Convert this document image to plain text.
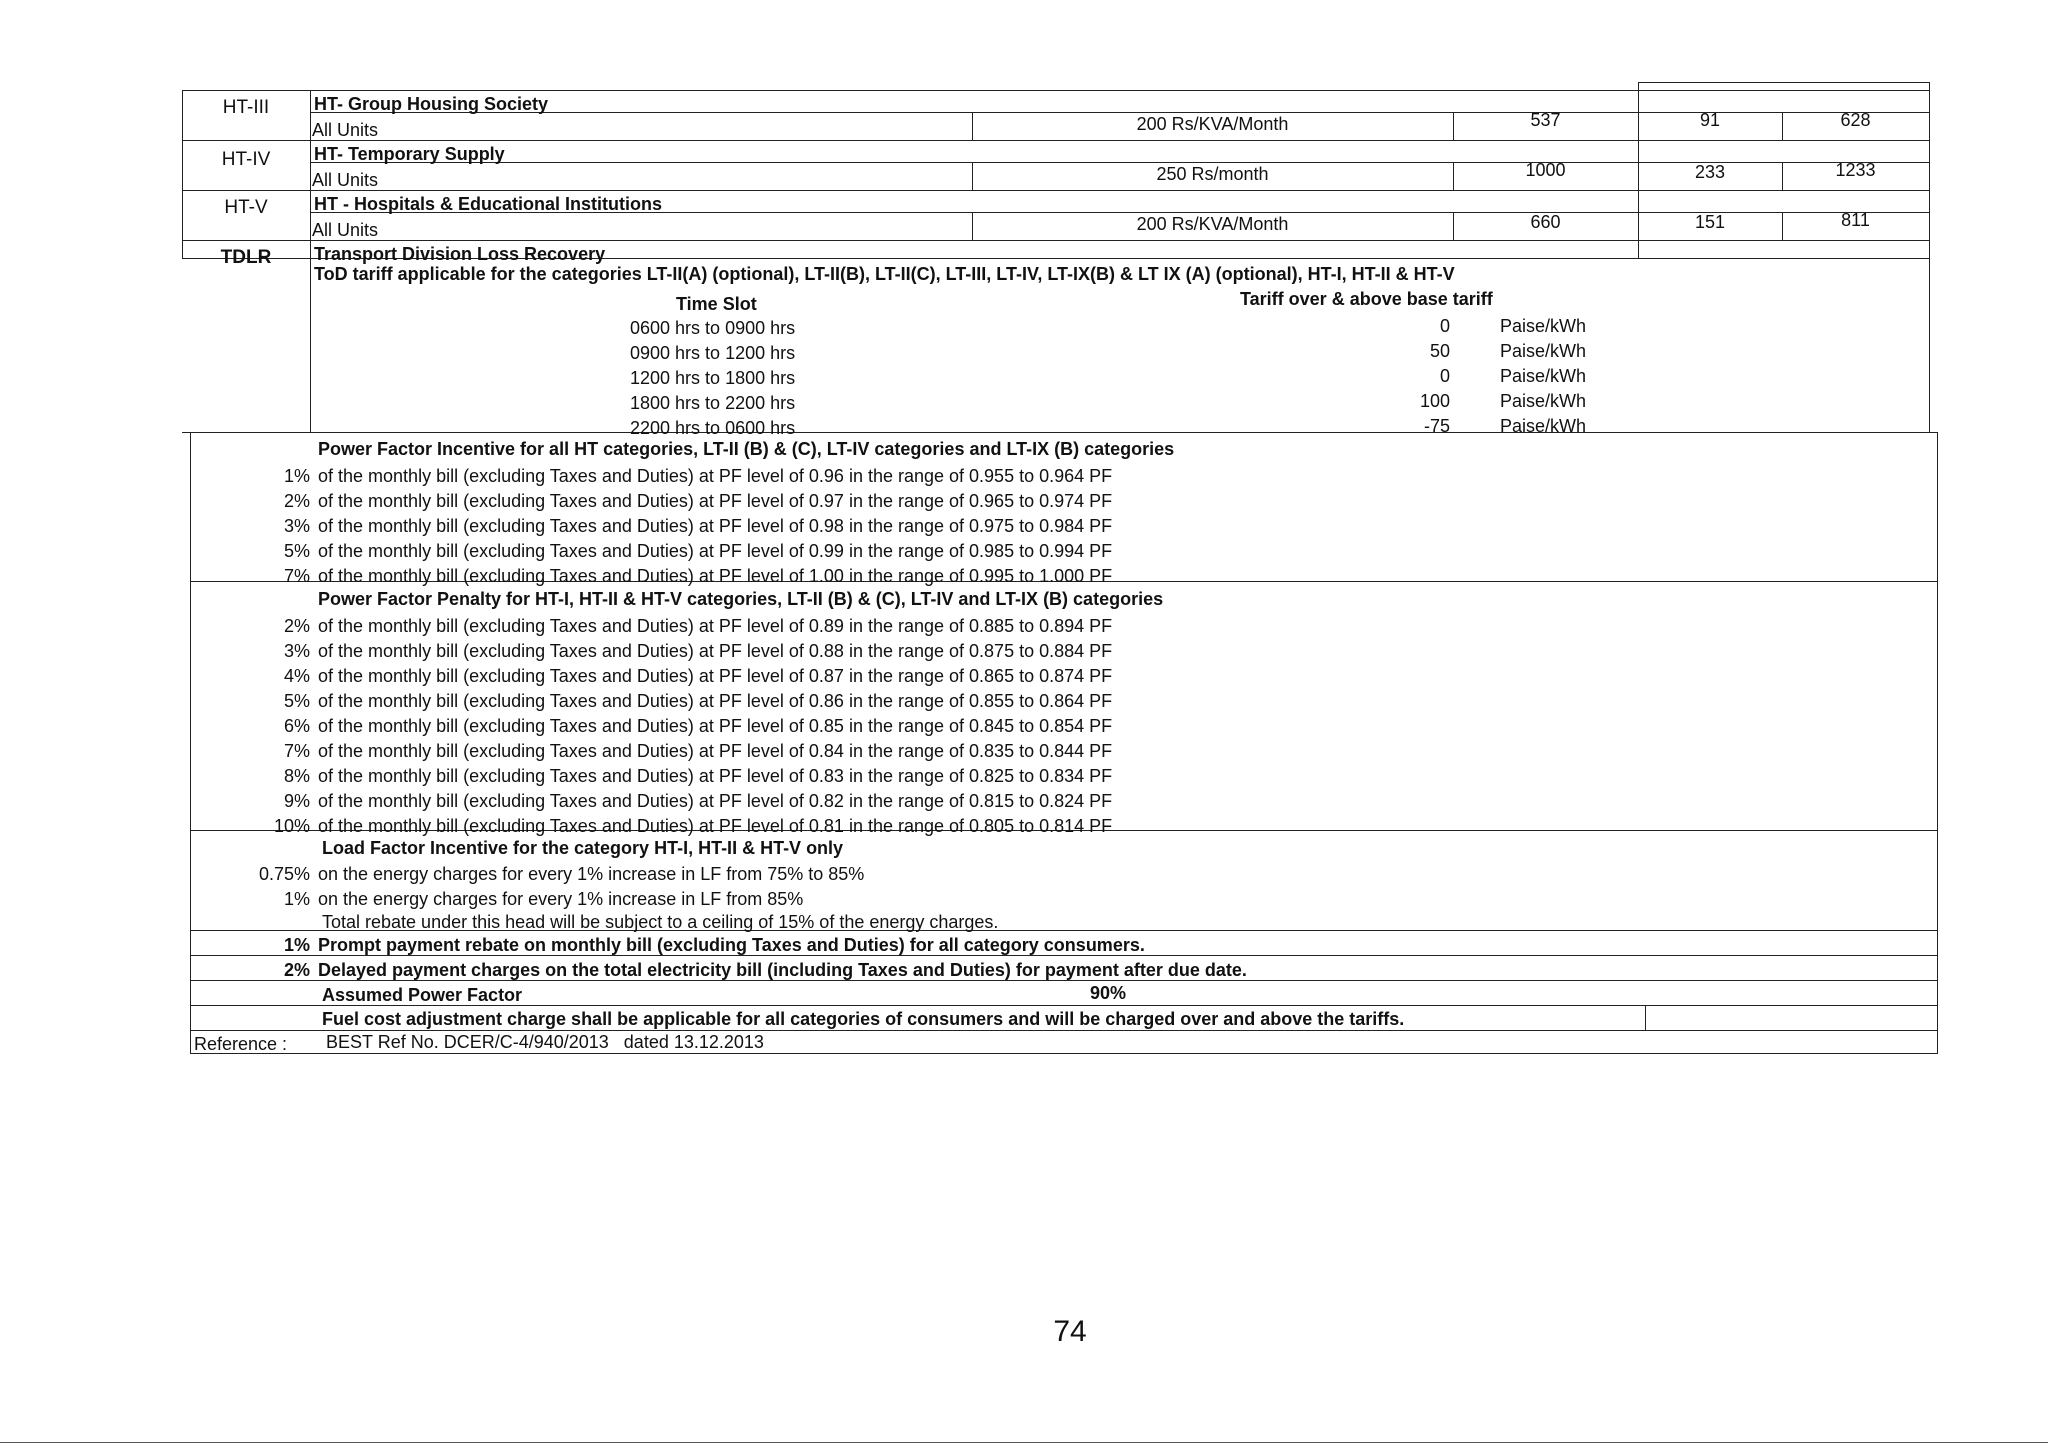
HT-III	HT- Group Housing Society
All Units	200 Rs/KVA/Month	537	91	628
HT-IV	HT- Temporary Supply
All Units	250 Rs/month	1000	233	1233
HT-V	HT - Hospitals & Educational Institutions
All Units	200 Rs/KVA/Month	660	151	811
TDLR	Transport Division Loss Recovery
ToD tariff applicable for the categories LT-II(A) (optional), LT-II(B), LT-II(C), LT-III, LT-IV, LT-IX(B) & LT IX (A) (optional), HT-I, HT-II & HT-V
Time Slot	Tariff over & above base tariff
0600 hrs to 0900 hrs	0	Paise/kWh
0900 hrs to 1200 hrs	50	Paise/kWh
1200 hrs to 1800 hrs	0	Paise/kWh
1800 hrs to 2200 hrs	100	Paise/kWh
2200 hrs to 0600 hrs	-75	Paise/kWh
Power Factor Incentive for all HT categories, LT-II (B) & (C), LT-IV categories and LT-IX (B) categories
1% of the monthly bill (excluding Taxes and Duties) at PF level of 0.96 in the range of 0.955 to 0.964 PF
2% of the monthly bill (excluding Taxes and Duties) at PF level of 0.97 in the range of 0.965 to 0.974 PF
3% of the monthly bill (excluding Taxes and Duties) at PF level of 0.98 in the range of 0.975 to 0.984 PF
5% of the monthly bill (excluding Taxes and Duties) at PF level of 0.99 in the range of 0.985 to 0.994 PF
7% of the monthly bill (excluding Taxes and Duties) at PF level of 1.00 in the range of 0.995 to 1.000 PF
Power Factor Penalty for HT-I, HT-II & HT-V categories, LT-II (B) & (C), LT-IV and LT-IX (B) categories
2% of the monthly bill (excluding Taxes and Duties) at PF level of 0.89 in the range of 0.885 to 0.894 PF
3% of the monthly bill (excluding Taxes and Duties) at PF level of 0.88 in the range of 0.875 to 0.884 PF
4% of the monthly bill (excluding Taxes and Duties) at PF level of 0.87 in the range of 0.865 to 0.874 PF
5% of the monthly bill (excluding Taxes and Duties) at PF level of 0.86 in the range of 0.855 to 0.864 PF
6% of the monthly bill (excluding Taxes and Duties) at PF level of 0.85 in the range of 0.845 to 0.854 PF
7% of the monthly bill (excluding Taxes and Duties) at PF level of 0.84 in the range of 0.835 to 0.844 PF
8% of the monthly bill (excluding Taxes and Duties) at PF level of 0.83 in the range of 0.825 to 0.834 PF
9% of the monthly bill (excluding Taxes and Duties) at PF level of 0.82 in the range of 0.815 to 0.824 PF
10% of the monthly bill (excluding Taxes and Duties) at PF level of 0.81 in the range of 0.805 to 0.814 PF
Load Factor Incentive for the category HT-I, HT-II & HT-V only
0.75% on the energy charges for every 1% increase in LF from 75% to 85%
1% on the energy charges for every 1% increase in LF from 85%
Total rebate under this head will be subject to a ceiling of 15% of the energy charges.
1% Prompt payment rebate on monthly bill (excluding Taxes and Duties) for all category consumers.
2% Delayed payment charges on the total electricity bill (including Taxes and Duties) for payment after due date.
Assumed Power Factor	90%
Fuel cost adjustment charge shall be applicable for all categories of consumers and will be charged over and above the tariffs.
Reference : BEST Ref No. DCER/C-4/940/2013   dated 13.12.2013
74
